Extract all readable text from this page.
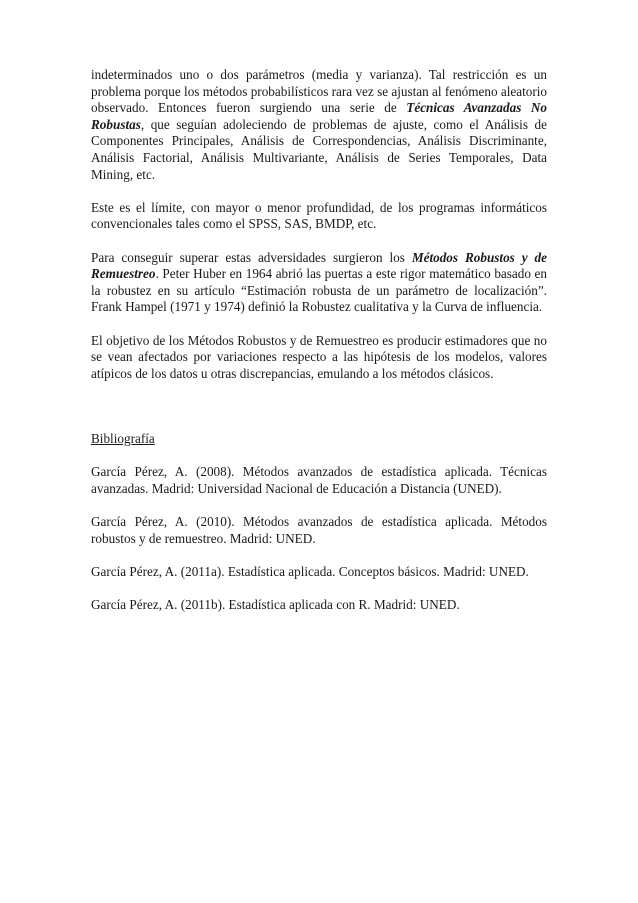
indeterminados uno o dos parámetros (media y varianza). Tal restricción es un problema porque los métodos probabilísticos rara vez se ajustan al fenómeno aleatorio observado. Entonces fueron surgiendo una serie de Técnicas Avanzadas No Robustas, que seguían adoleciendo de problemas de ajuste, como el Análisis de Componentes Principales, Análisis de Correspondencias, Análisis Discriminante, Análisis Factorial, Análisis Multivariante, Análisis de Series Temporales, Data Mining, etc.

Este es el límite, con mayor o menor profundidad, de los programas informáticos convencionales tales como el SPSS, SAS, BMDP, etc.

Para conseguir superar estas adversidades surgieron los Métodos Robustos y de Remuestreo. Peter Huber en 1964 abrió las puertas a este rigor matemático basado en la robustez en su artículo “Estimación robusta de un parámetro de localización”. Frank Hampel (1971 y 1974) definió la Robustez cualitativa y la Curva de influencia.

El objetivo de los Métodos Robustos y de Remuestreo es producir estimadores que no se vean afectados por variaciones respecto a las hipótesis de los modelos, valores atípicos de los datos u otras discrepancias, emulando a los métodos clásicos.

Bibliografía

García Pérez, A. (2008). Métodos avanzados de estadística aplicada. Técnicas avanzadas. Madrid: Universidad Nacional de Educación a Distancia (UNED).

García Pérez, A. (2010). Métodos avanzados de estadística aplicada. Métodos robustos y de remuestreo. Madrid: UNED.

García Pérez, A. (2011a). Estadística aplicada. Conceptos básicos. Madrid: UNED.

García Pérez, A. (2011b). Estadística aplicada con R. Madrid: UNED.
